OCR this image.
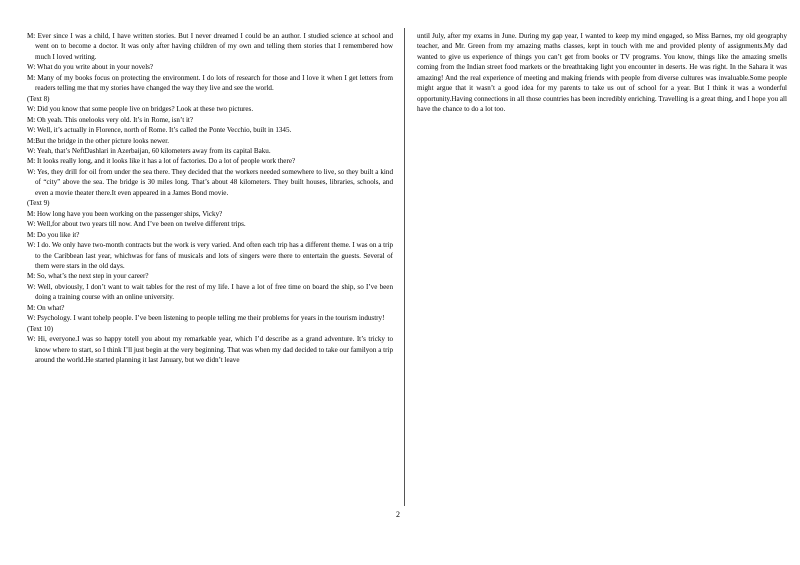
M: Ever since I was a child, I have written stories. But I never dreamed I could be an author. I studied science at school and went on to become a doctor. It was only after having children of my own and telling them stories that I remembered how much I loved writing.

W: What do you write about in your novels?

M: Many of my books focus on protecting the environment. I do lots of research for those and I love it when I get letters from readers telling me that my stories have changed the way they live and see the world.

(Text 8)

W: Did you know that some people live on bridges? Look at these two pictures.

M: Oh yeah. This onelooks very old. It’s in Rome, isn’t it?

W: Well, it’s actually in Florence, north of Rome. It’s called the Ponte Vecchio, built in 1345.

M:But the bridge in the other picture looks newer.

W: Yeah, that’s NeftDashlari in Azerbaijan, 60 kilometers away from its capital Baku.

M: It looks really long, and it looks like it has a lot of factories. Do a lot of people work there?

W: Yes, they drill for oil from under the sea there. They decided that the workers needed somewhere to live, so they built a kind of “city” above the sea. The bridge is 30 miles long. That’s about 48 kilometers. They built houses, libraries, schools, and even a movie theater there.It even appeared in a James Bond movie.

(Text 9)

M: How long have you been working on the passenger ships, Vicky?

W: Well,for about two years till now. And I’ve been on twelve different trips.

M: Do you like it?

W: I do. We only have two-month contracts but the work is very varied. And often each trip has a different theme. I was on a trip to the Caribbean last year, whichwas for fans of musicals and lots of singers were there to entertain the guests. Several of them were stars in the old days.

M: So, what’s the next step in your career?

W: Well, obviously, I don’t want to wait tables for the rest of my life. I have a lot of free time on board the ship, so I’ve been doing a training course with an online university.

M: On what?

W: Psychology. I want tohelp people. I’ve been listening to people telling me their problems for years in the tourism industry!

(Text 10)

W: Hi, everyone.I was so happy totell you about my remarkable year, which I’d describe as a grand adventure. It’s tricky to know where to start, so I think I’ll just begin at the very beginning. That was when my dad decided to take our familyon a trip around the world.He started planning it last January, but we didn’t leave

until July, after my exams in June. During my gap year, I wanted to keep my mind engaged, so Miss Barnes, my old geography teacher, and Mr. Green from my amazing maths classes, kept in touch with me and provided plenty of assignments.My dad wanted to give us experience of things you can’t get from books or TV programs. You know, things like the amazing smells coming from the Indian street food markets or the breathtaking light you encounter in deserts. He was right. In the Sahara it was amazing! And the real experience of meeting and making friends with people from diverse cultures was invaluable.Some people might argue that it wasn’t a good idea for my parents to take us out of school for a year. But I think it was a wonderful opportunity.Having connections in all those countries has been incredibly enriching. Travelling is a great thing, and I hope you all have the chance to do a lot too.

2
